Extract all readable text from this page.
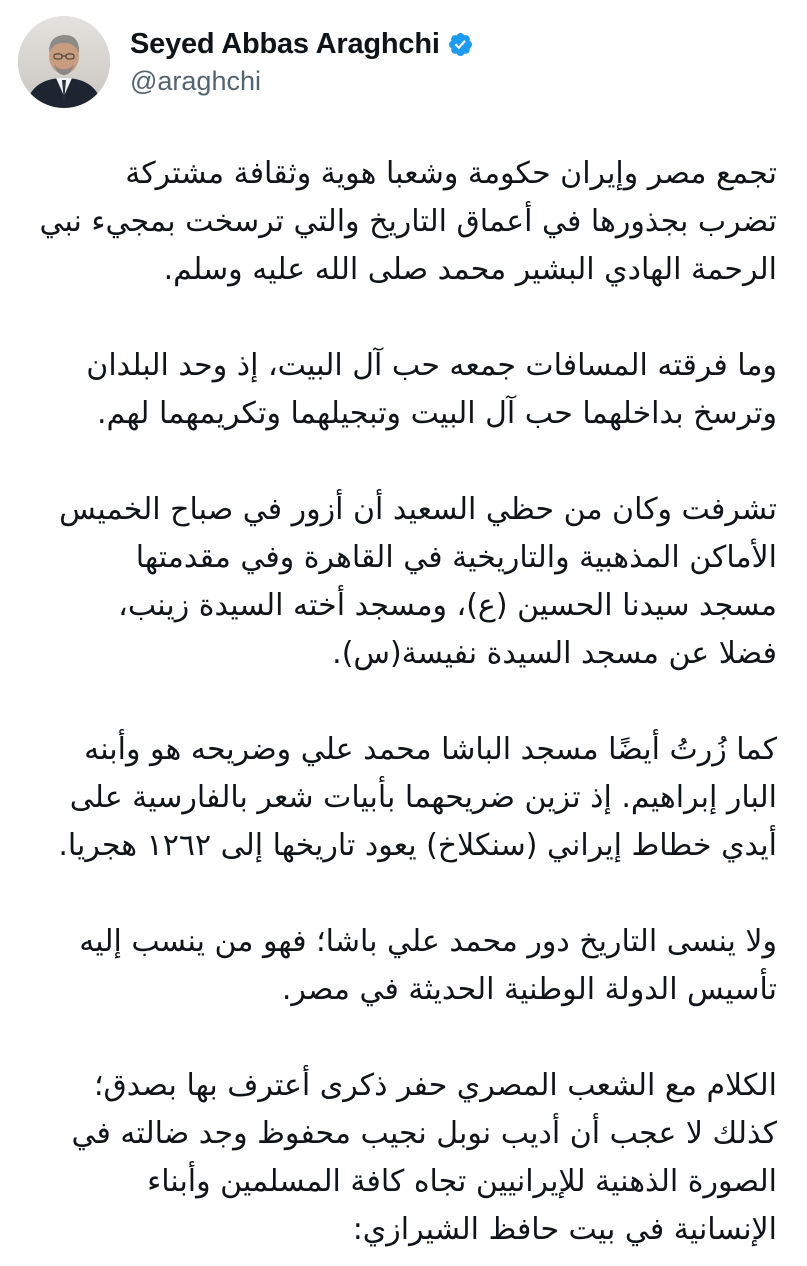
Seyed Abbas Araghchi
@araghchi

تجمع مصر وإيران حكومة وشعبا هوية وثقافة مشتركة
تضرب بجذورها في أعماق التاريخ والتي ترسخت بمجيء نبي
الرحمة الهادي البشير محمد صلى الله عليه وسلم.

وما فرقته المسافات جمعه حب آل البيت، إذ وحد البلدان
وترسخ بداخلهما حب آل البيت وتبجيلهما وتكريمهما لهم.

تشرفت وكان من حظي السعيد أن أزور في صباح الخميس
الأماكن المذهبية والتاريخية في القاهرة وفي مقدمتها
مسجد سيدنا الحسين (ع)، ومسجد أخته السيدة زينب،
فضلا عن مسجد السيدة نفيسة(س).

كما زُرتُ أيضًا مسجد الباشا محمد علي وضريحه هو وأبنه
البار إبراهيم. إذ تزين ضريحهما بأبيات شعر بالفارسية على
أيدي خطاط إيراني (سنكلاخ) يعود تاريخها إلى ١٢٦٢ هجريا.

ولا ينسى التاريخ دور محمد علي باشا؛ فهو من ينسب إليه
تأسيس الدولة الوطنية الحديثة في مصر.

الكلام مع الشعب المصري حفر ذكرى أعترف بها بصدق؛
كذلك لا عجب أن أديب نوبل نجيب محفوظ وجد ضالته في
الصورة الذهنية للإيرانيين تجاه كافة المسلمين وأبناء
الإنسانية في بيت حافظ الشيرازي:
